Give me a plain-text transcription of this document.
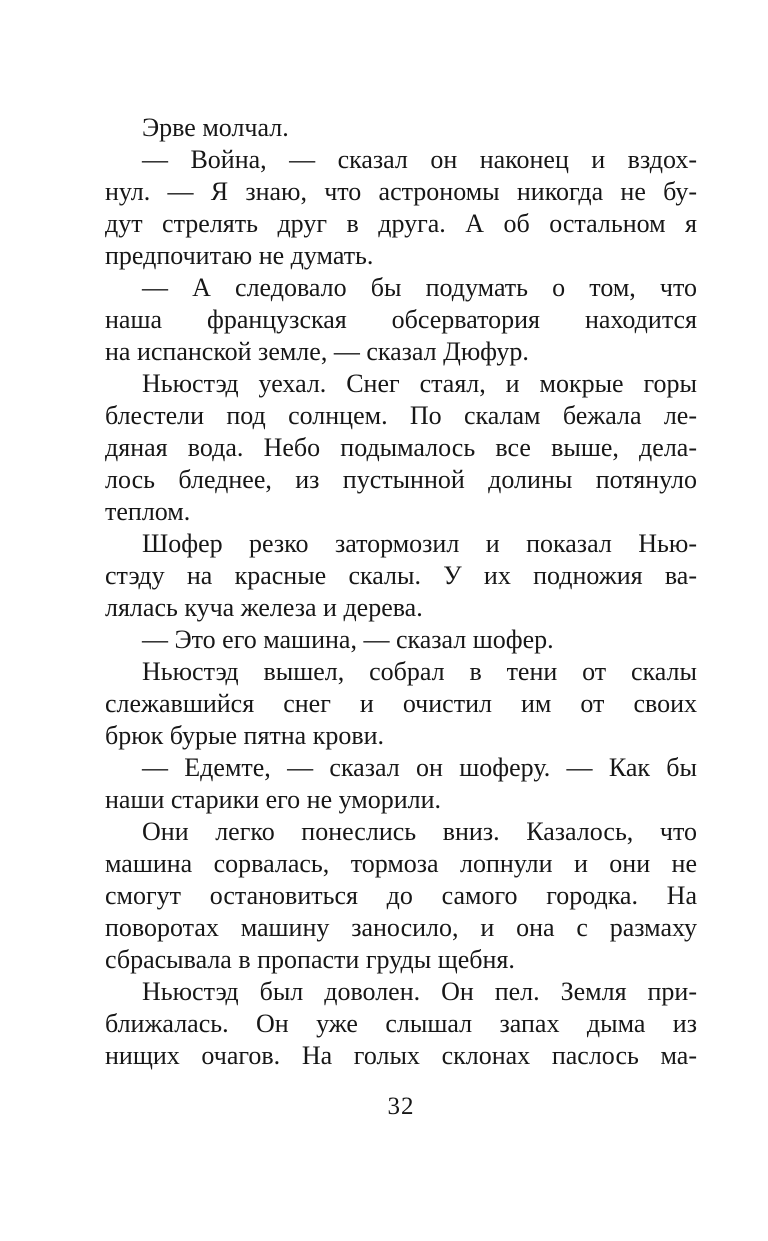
Эрве молчал.
— Война, — сказал он наконец и вздох-
нул. — Я знаю, что астрономы никогда не бу-
дут стрелять друг в друга. А об остальном я
предпочитаю не думать.
— А следовало бы подумать о том, что
наша французская обсерватория находится
на испанской земле, — сказал Дюфур.
Ньюстэд уехал. Снег стаял, и мокрые горы
блестели под солнцем. По скалам бежала ле-
дяная вода. Небо подымалось все выше, дела-
лось бледнее, из пустынной долины потянуло
теплом.
Шофер резко затормозил и показал Нью-
стэду на красные скалы. У их подножия ва-
лялась куча железа и дерева.
— Это его машина, — сказал шофер.
Ньюстэд вышел, собрал в тени от скалы
слежавшийся снег и очистил им от своих
брюк бурые пятна крови.
— Едемте, — сказал он шоферу. — Как бы
наши старики его не уморили.
Они легко понеслись вниз. Казалось, что
машина сорвалась, тормоза лопнули и они не
смогут остановиться до самого городка. На
поворотах машину заносило, и она с размаху
сбрасывала в пропасти груды щебня.
Ньюстэд был доволен. Он пел. Земля при-
ближалась. Он уже слышал запах дыма из
нищих очагов. На голых склонах паслось ма-
32
